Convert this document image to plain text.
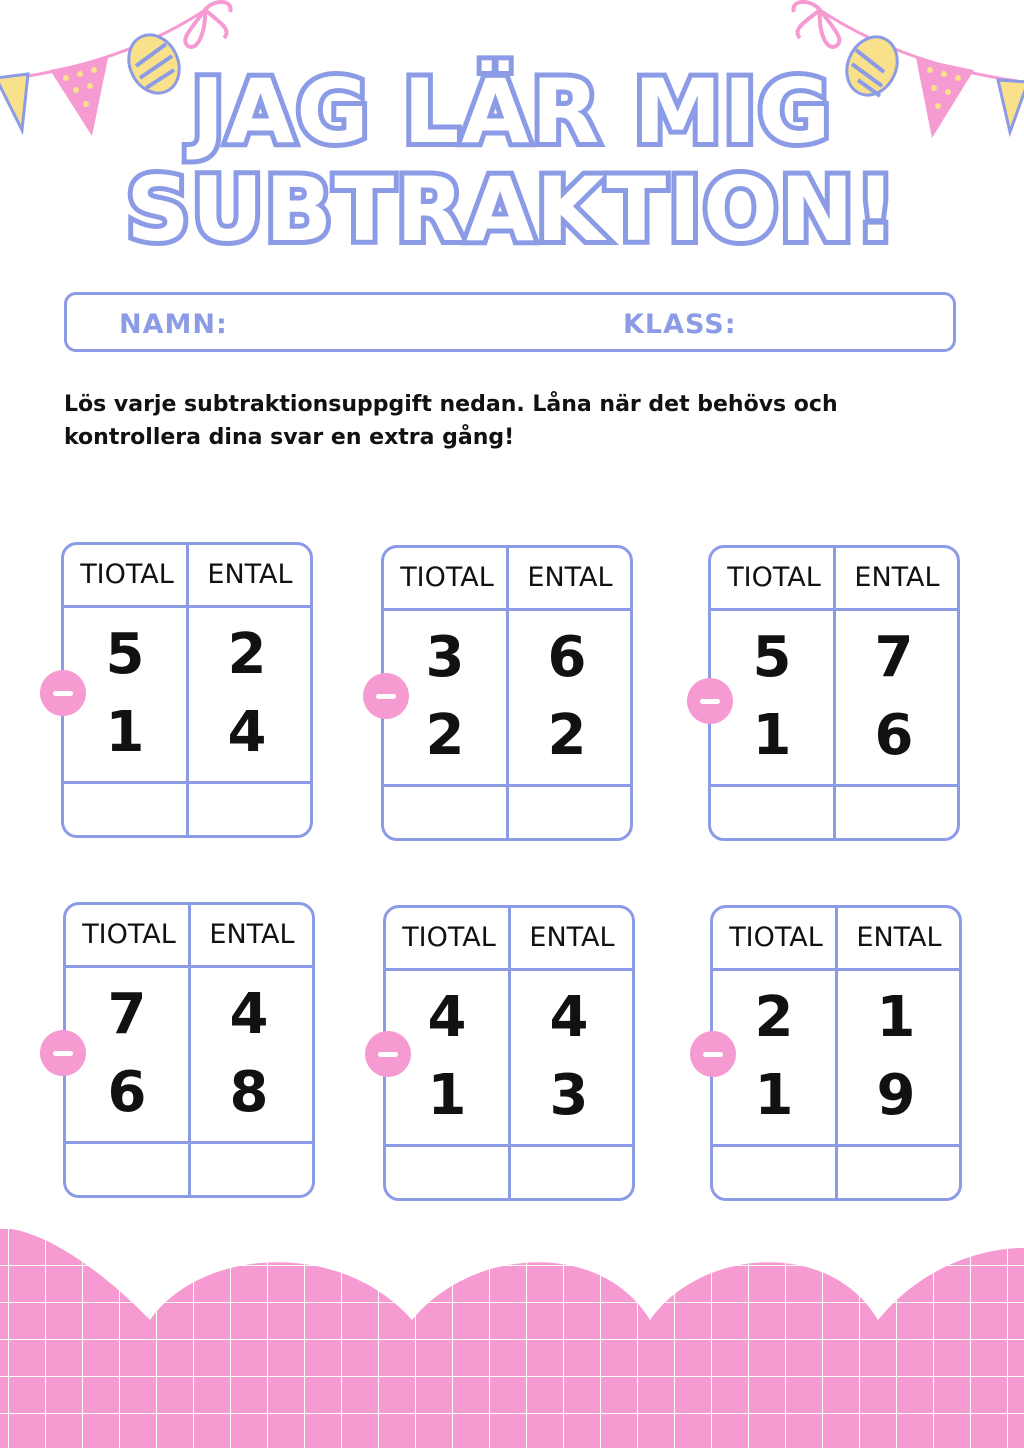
JAG LÄR MIG
SUBTRAKTION!
NAMN:	KLASS:
Lös varje subtraktionsuppgift nedan. Låna när det behövs och kontrollera dina svar en extra gång!
TIOTAL	ENTAL
5	2
1	4
TIOTAL	ENTAL
3	6
2	2
TIOTAL	ENTAL
5	7
1	6
TIOTAL	ENTAL
7	4
6	8
TIOTAL	ENTAL
4	4
1	3
TIOTAL	ENTAL
2	1
1	9
